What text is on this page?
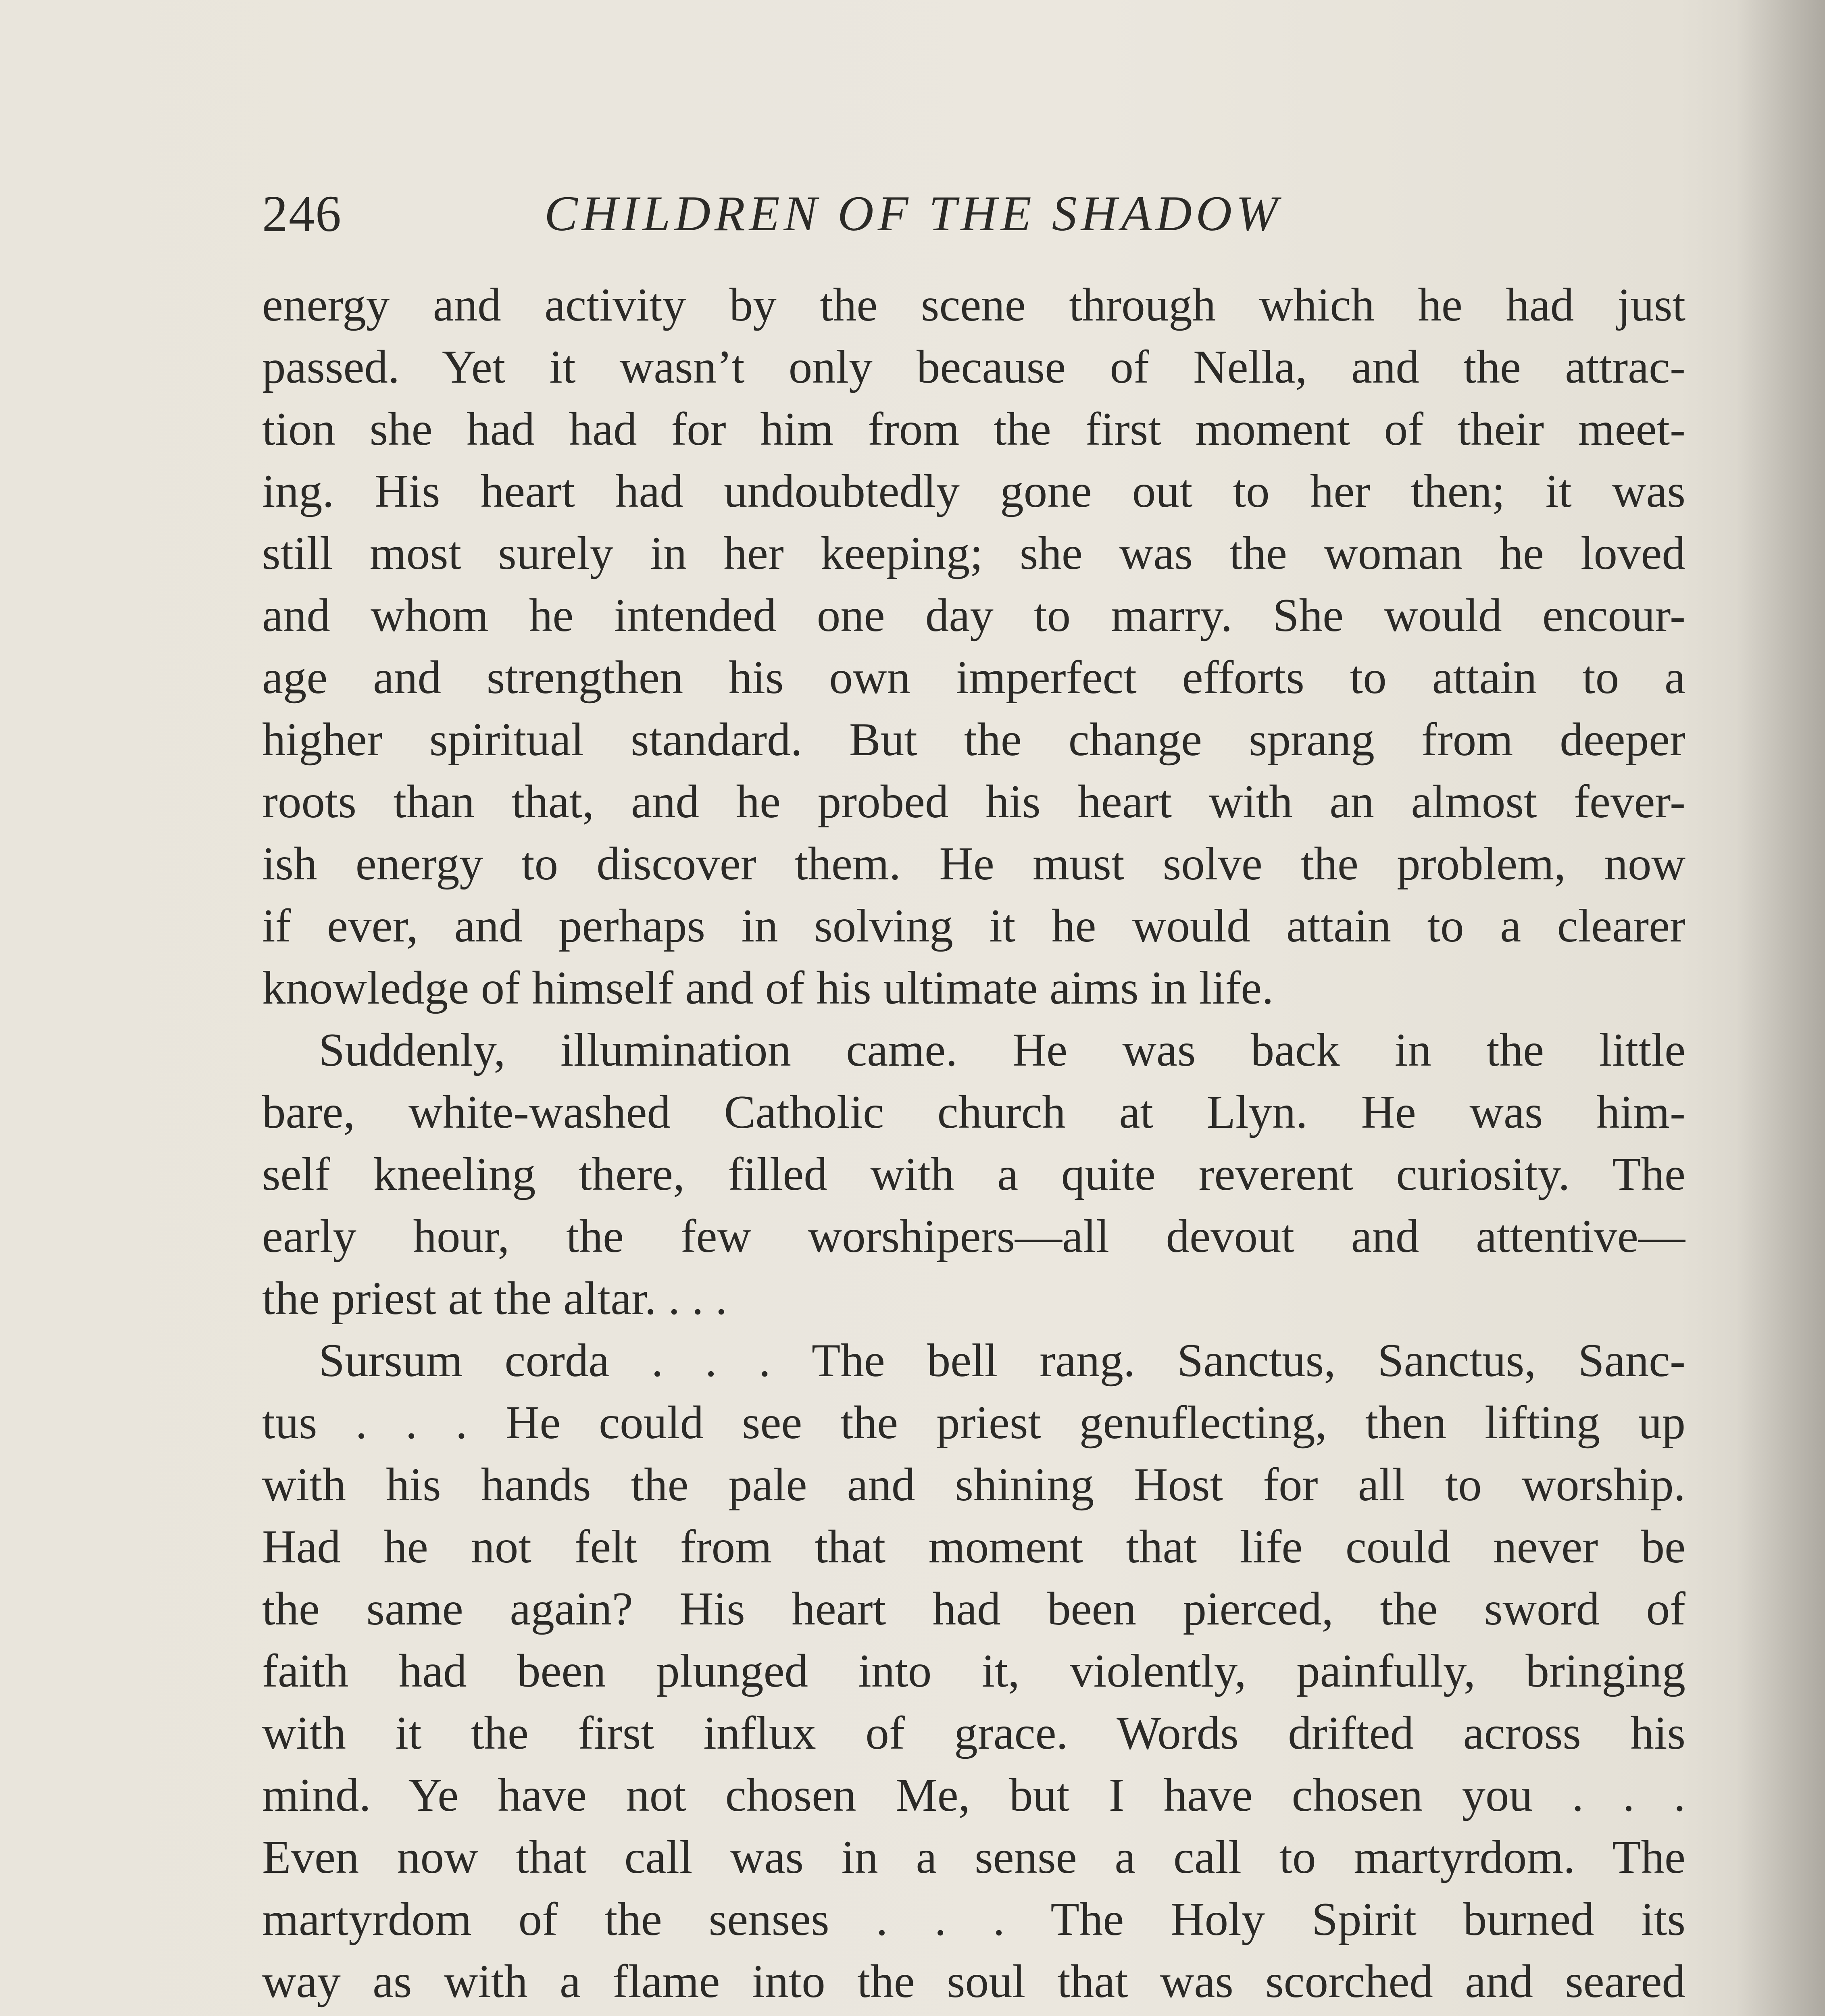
246	CHILDREN OF THE SHADOW
energy and activity by the scene through which he had just
passed. Yet it wasn’t only because of Nella, and the attrac-
tion she had had for him from the first moment of their meet-
ing. His heart had undoubtedly gone out to her then; it was
still most surely in her keeping; she was the woman he loved
and whom he intended one day to marry. She would encour-
age and strengthen his own imperfect efforts to attain to a
higher spiritual standard. But the change sprang from deeper
roots than that, and he probed his heart with an almost fever-
ish energy to discover them. He must solve the problem, now
if ever, and perhaps in solving it he would attain to a clearer
knowledge of himself and of his ultimate aims in life.
Suddenly, illumination came. He was back in the little
bare, white-washed Catholic church at Llyn. He was him-
self kneeling there, filled with a quite reverent curiosity. The
early hour, the few worshipers—all devout and attentive—
the priest at the altar. . . .
Sursum corda . . . The bell rang. Sanctus, Sanctus, Sanc-
tus . . . He could see the priest genuflecting, then lifting up
with his hands the pale and shining Host for all to worship.
Had he not felt from that moment that life could never be
the same again? His heart had been pierced, the sword of
faith had been plunged into it, violently, painfully, bringing
with it the first influx of grace. Words drifted across his
mind. Ye have not chosen Me, but I have chosen you . . .
Even now that call was in a sense a call to martyrdom. The
martyrdom of the senses . . . The Holy Spirit burned its
way as with a flame into the soul that was scorched and seared
